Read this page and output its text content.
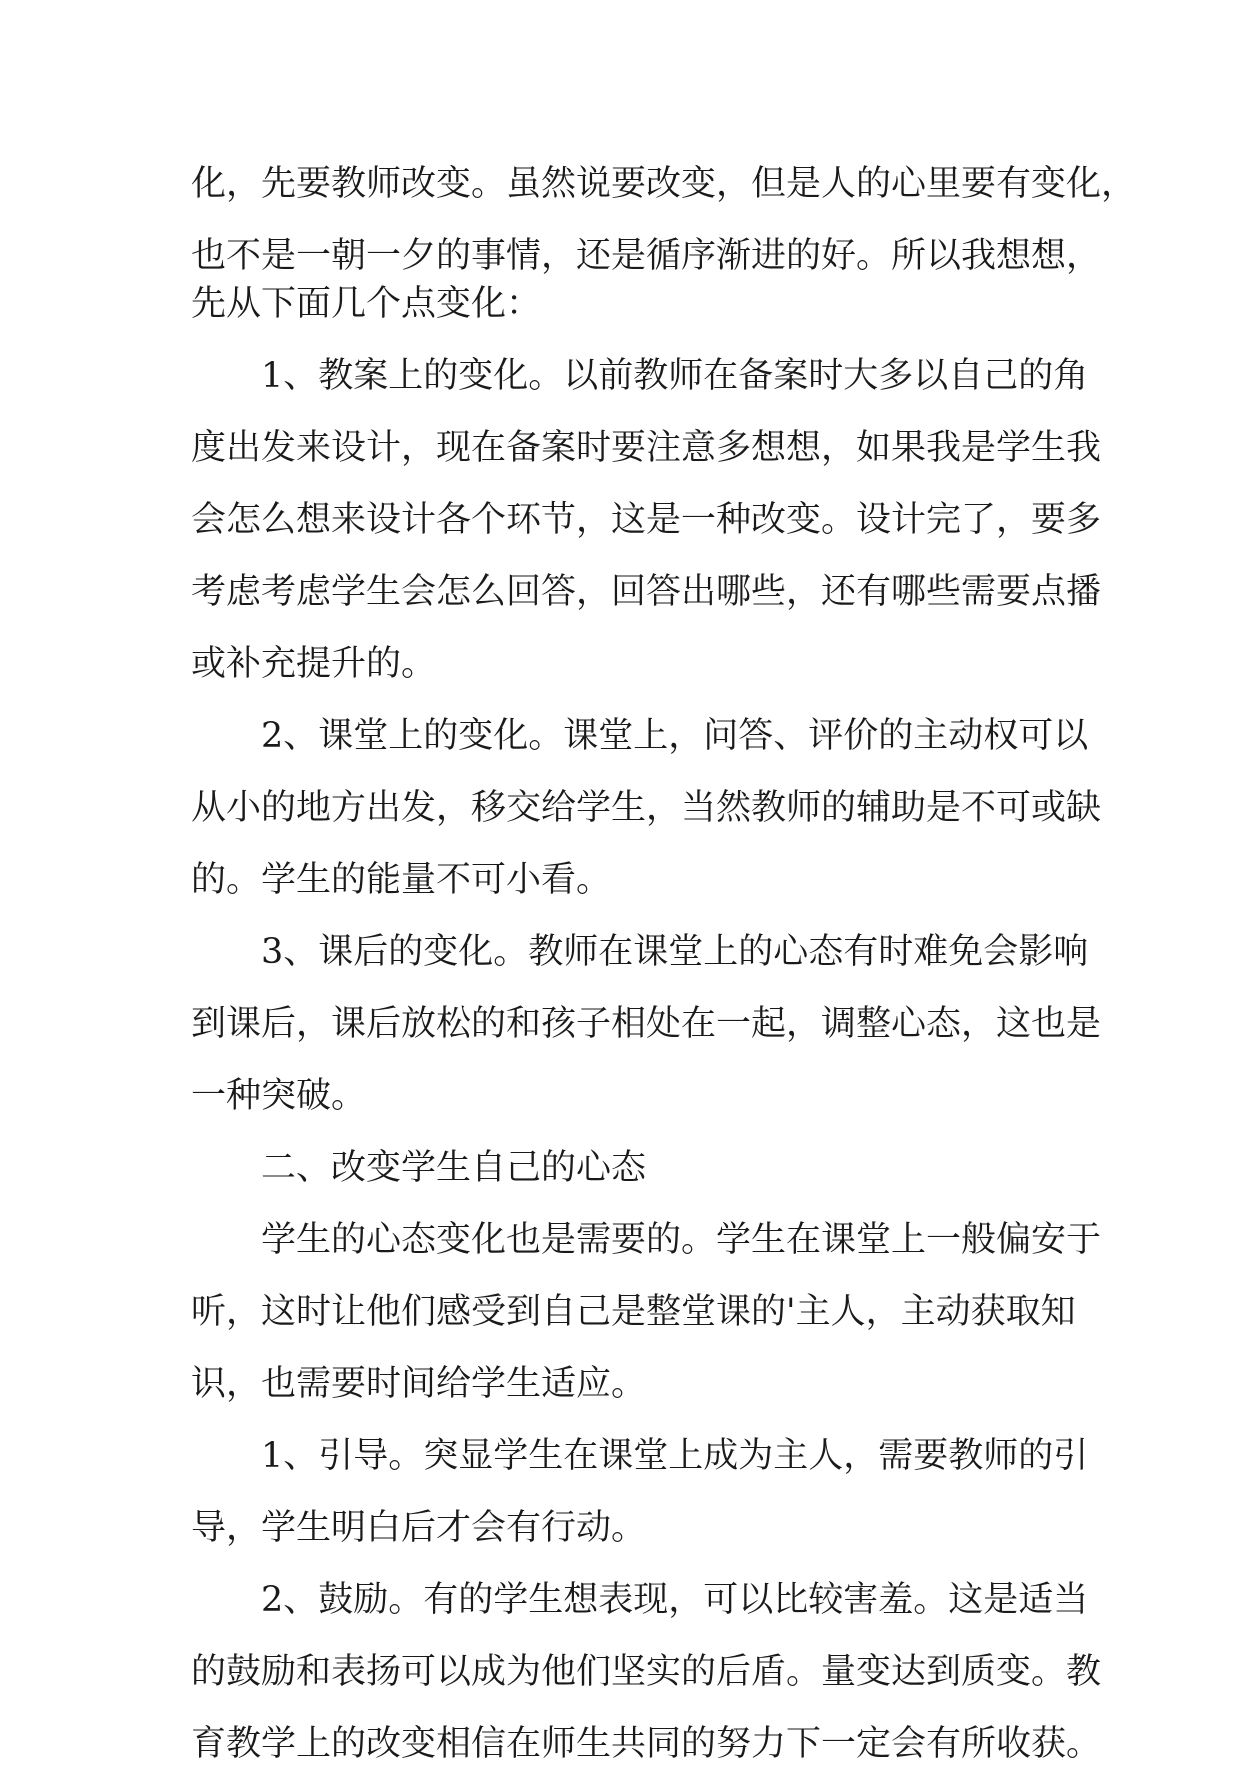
化，先要教师改变。虽然说要改变，但是人的心里要有变化，
也不是一朝一夕的事情，还是循序渐进的好。所以我想想，
先从下面几个点变化：
1、教案上的变化。以前教师在备案时大多以自己的角
度出发来设计，现在备案时要注意多想想，如果我是学生我
会怎么想来设计各个环节，这是一种改变。设计完了，要多
考虑考虑学生会怎么回答，回答出哪些，还有哪些需要点播
或补充提升的。
2、课堂上的变化。课堂上，问答、评价的主动权可以
从小的地方出发，移交给学生，当然教师的辅助是不可或缺
的。学生的能量不可小看。
3、课后的变化。教师在课堂上的心态有时难免会影响
到课后，课后放松的和孩子相处在一起，调整心态，这也是
一种突破。
二、改变学生自己的心态
学生的心态变化也是需要的。学生在课堂上一般偏安于
听，这时让他们感受到自己是整堂课的'主人，主动获取知
识，也需要时间给学生适应。
1、引导。突显学生在课堂上成为主人，需要教师的引
导，学生明白后才会有行动。
2、鼓励。有的学生想表现，可以比较害羞。这是适当
的鼓励和表扬可以成为他们坚实的后盾。量变达到质变。教
育教学上的改变相信在师生共同的努力下一定会有所收获。
